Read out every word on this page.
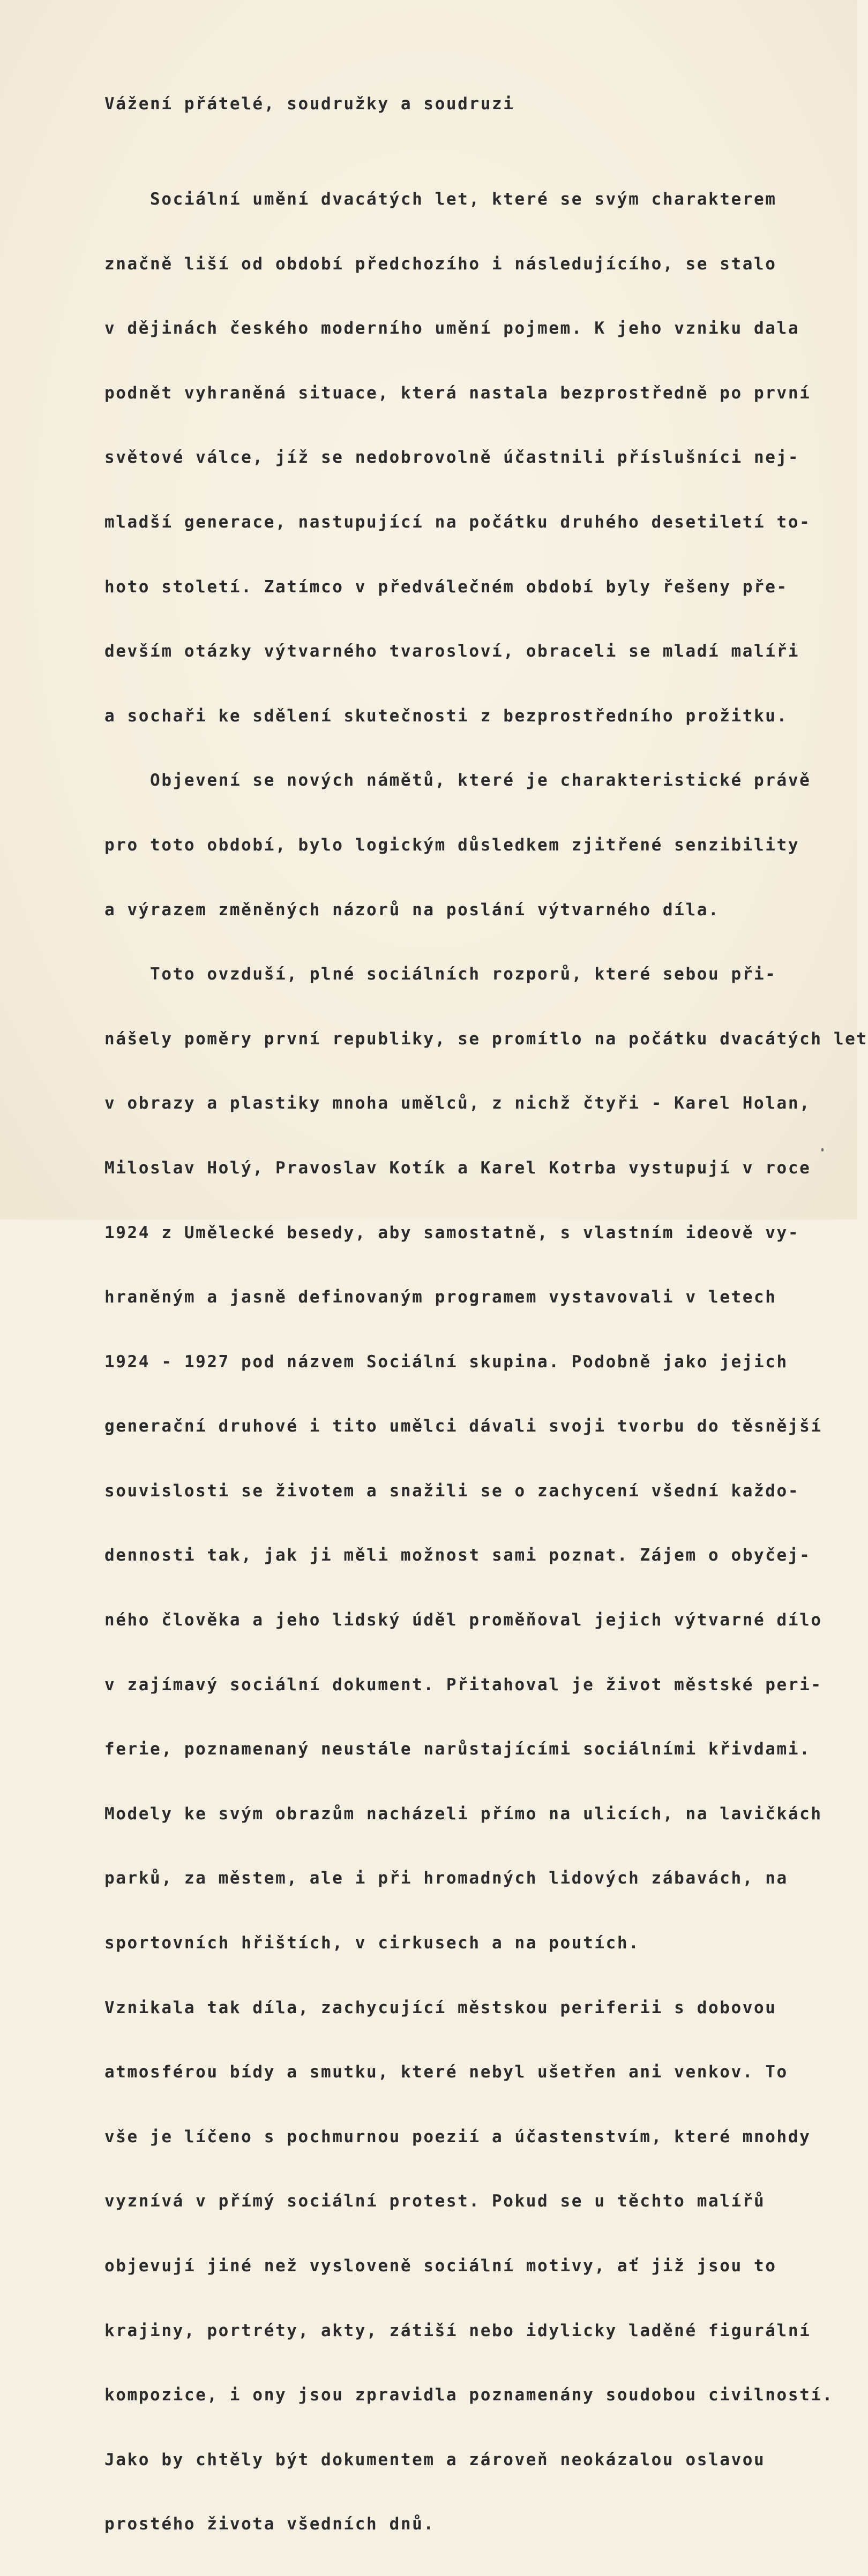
Vážení přátelé, soudružky a soudruzi

Sociální umění dvacátých let, které se svým charakterem

značně liší od období předchozího i následujícího, se stalo

v dějinách českého moderního umění pojmem. K jeho vzniku dala

podnět vyhraněná situace, která nastala bezprostředně po první

světové válce, jíž se nedobrovolně účastnili příslušníci nej-

mladší generace, nastupující na počátku druhého desetiletí to-

hoto století. Zatímco v předválečném období byly řešeny pře-

devším otázky výtvarného tvarosloví, obraceli se mladí malíři

a sochaři ke sdělení skutečnosti z bezprostředního prožitku.

Objevení se nových námětů, které je charakteristické právě

pro toto období, bylo logickým důsledkem zjitřené senzibility

a výrazem změněných názorů na poslání výtvarného díla.

Toto ovzduší, plné sociálních rozporů, které sebou při-

nášely poměry první republiky, se promítlo na počátku dvacátých let

v obrazy a plastiky mnoha umělců, z nichž čtyři - Karel Holan,

Miloslav Holý, Pravoslav Kotík a Karel Kotrba vystupují v roce

1924 z Umělecké besedy, aby samostatně, s vlastním ideově vy-

hraněným a jasně definovaným programem vystavovali v letech

1924 - 1927 pod názvem Sociální skupina. Podobně jako jejich

generační druhové i tito umělci dávali svoji tvorbu do těsnější

souvislosti se životem a snažili se o zachycení všední každo-

dennosti tak, jak ji měli možnost sami poznat. Zájem o obyčej-

ného člověka a jeho lidský úděl proměňoval jejich výtvarné dílo

v zajímavý sociální dokument. Přitahoval je život městské peri-

ferie, poznamenaný neustále narůstajícími sociálními křivdami.

Modely ke svým obrazům nacházeli přímo na ulicích, na lavičkách

parků, za městem, ale i při hromadných lidových zábavách, na

sportovních hřištích, v cirkusech a na poutích.

Vznikala tak díla, zachycující městskou periferii s dobovou

atmosférou bídy a smutku, které nebyl ušetřen ani venkov. To

vše je líčeno s pochmurnou poezií a účastenstvím, které mnohdy

vyznívá v přímý sociální protest. Pokud se u těchto malířů

objevují jiné než vysloveně sociální motivy, ať již jsou to

krajiny, portréty, akty, zátiší nebo idylicky laděné figurální

kompozice, i ony jsou zpravidla poznamenány soudobou civilností.

Jako by chtěly být dokumentem a zároveň neokázalou oslavou

prostého života všedních dnů.
